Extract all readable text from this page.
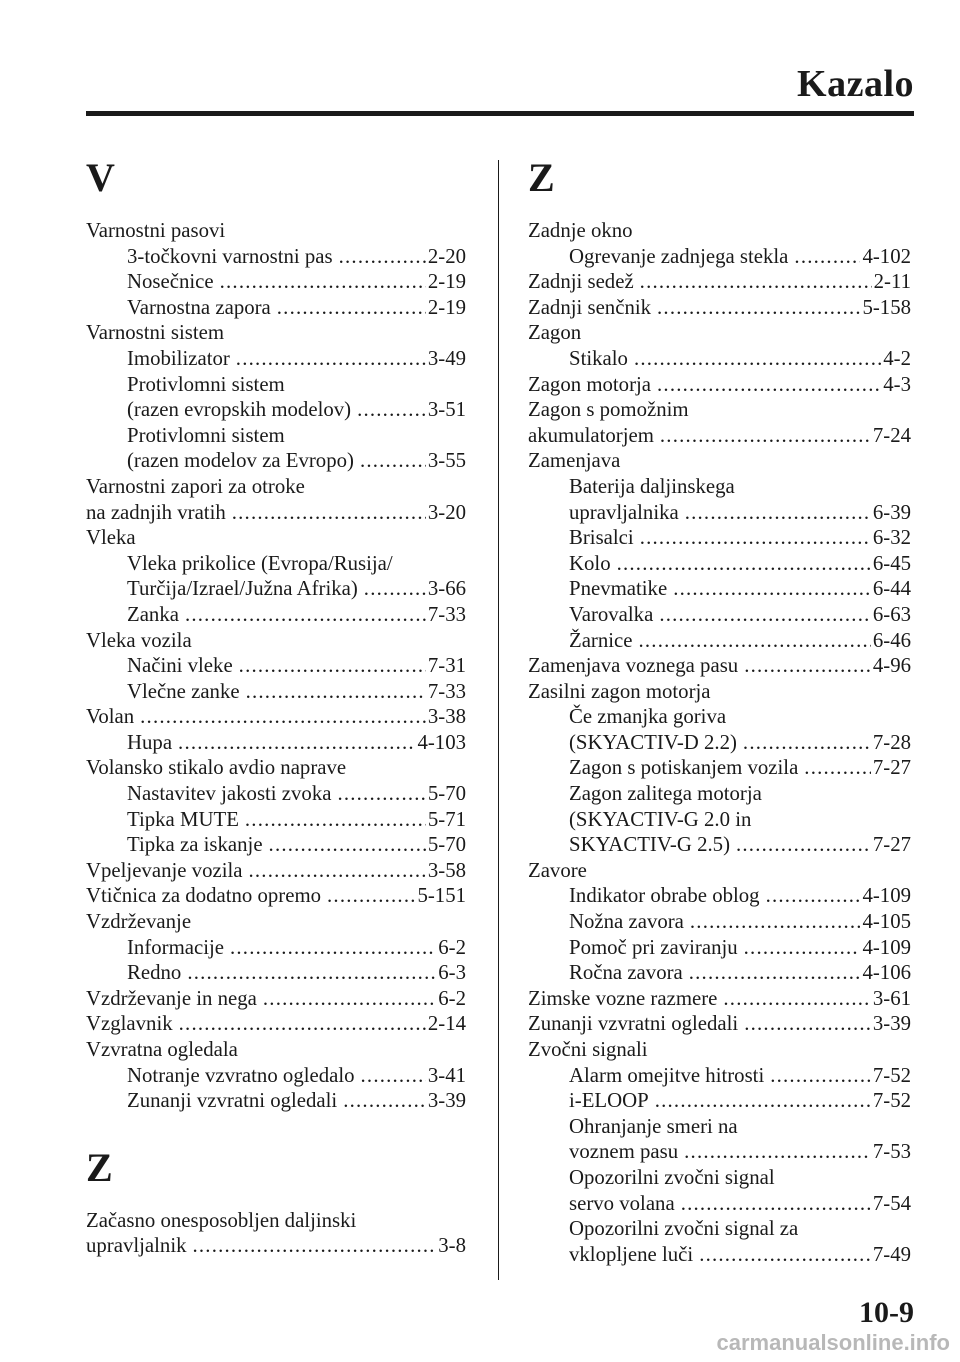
Kazalo
V
Varnostni pasovi
3-točkovni varnostni pas .....	2-20
Nosečnice .....	2-19
Varnostna zapora .....	2-19
Varnostni sistem
Imobilizator .....	3-49
Protivlomni sistem
(razen evropskih modelov) .....	3-51
Protivlomni sistem
(razen modelov za Evropo) .....	3-55
Varnostni zapori za otroke
na zadnjih vratih .....	3-20
Vleka
Vleka prikolice (Evropa/Rusija/
Turčija/Izrael/Južna Afrika) .....	3-66
Zanka .....	7-33
Vleka vozila
Načini vleke .....	7-31
Vlečne zanke .....	7-33
Volan .....	3-38
Hupa .....	4-103
Volansko stikalo avdio naprave
Nastavitev jakosti zvoka .....	5-70
Tipka MUTE .....	5-71
Tipka za iskanje .....	5-70
Vpeljevanje vozila .....	3-58
Vtičnica za dodatno opremo .....	5-151
Vzdrževanje
Informacije .....	6-2
Redno .....	6-3
Vzdrževanje in nega .....	6-2
Vzglavnik .....	2-14
Vzvratna ogledala
Notranje vzvratno ogledalo .....	3-41
Zunanji vzvratni ogledali .....	3-39
Z
Začasno onesposobljen daljinski
upravljalnik .....	3-8
Z
Zadnje okno
Ogrevanje zadnjega stekla .....	4-102
Zadnji sedež .....	2-11
Zadnji senčnik .....	5-158
Zagon
Stikalo .....	4-2
Zagon motorja .....	4-3
Zagon s pomožnim
akumulatorjem .....	7-24
Zamenjava
Baterija daljinskega
upravljalnika .....	6-39
Brisalci .....	6-32
Kolo .....	6-45
Pnevmatike .....	6-44
Varovalka .....	6-63
Žarnice .....	6-46
Zamenjava voznega pasu .....	4-96
Zasilni zagon motorja
Če zmanjka goriva
(SKYACTIV-D 2.2) .....	7-28
Zagon s potiskanjem vozila .....	7-27
Zagon zalitega motorja
(SKYACTIV-G 2.0 in
SKYACTIV-G 2.5) .....	7-27
Zavore
Indikator obrabe oblog .....	4-109
Nožna zavora .....	4-105
Pomoč pri zaviranju .....	4-109
Ročna zavora .....	4-106
Zimske vozne razmere .....	3-61
Zunanji vzvratni ogledali .....	3-39
Zvočni signali
Alarm omejitve hitrosti .....	7-52
i-ELOOP .....	7-52
Ohranjanje smeri na
voznem pasu .....	7-53
Opozorilni zvočni signal
servo volana .....	7-54
Opozorilni zvočni signal za
vklopljene luči .....	7-49
10-9
carmanualsonline.info
